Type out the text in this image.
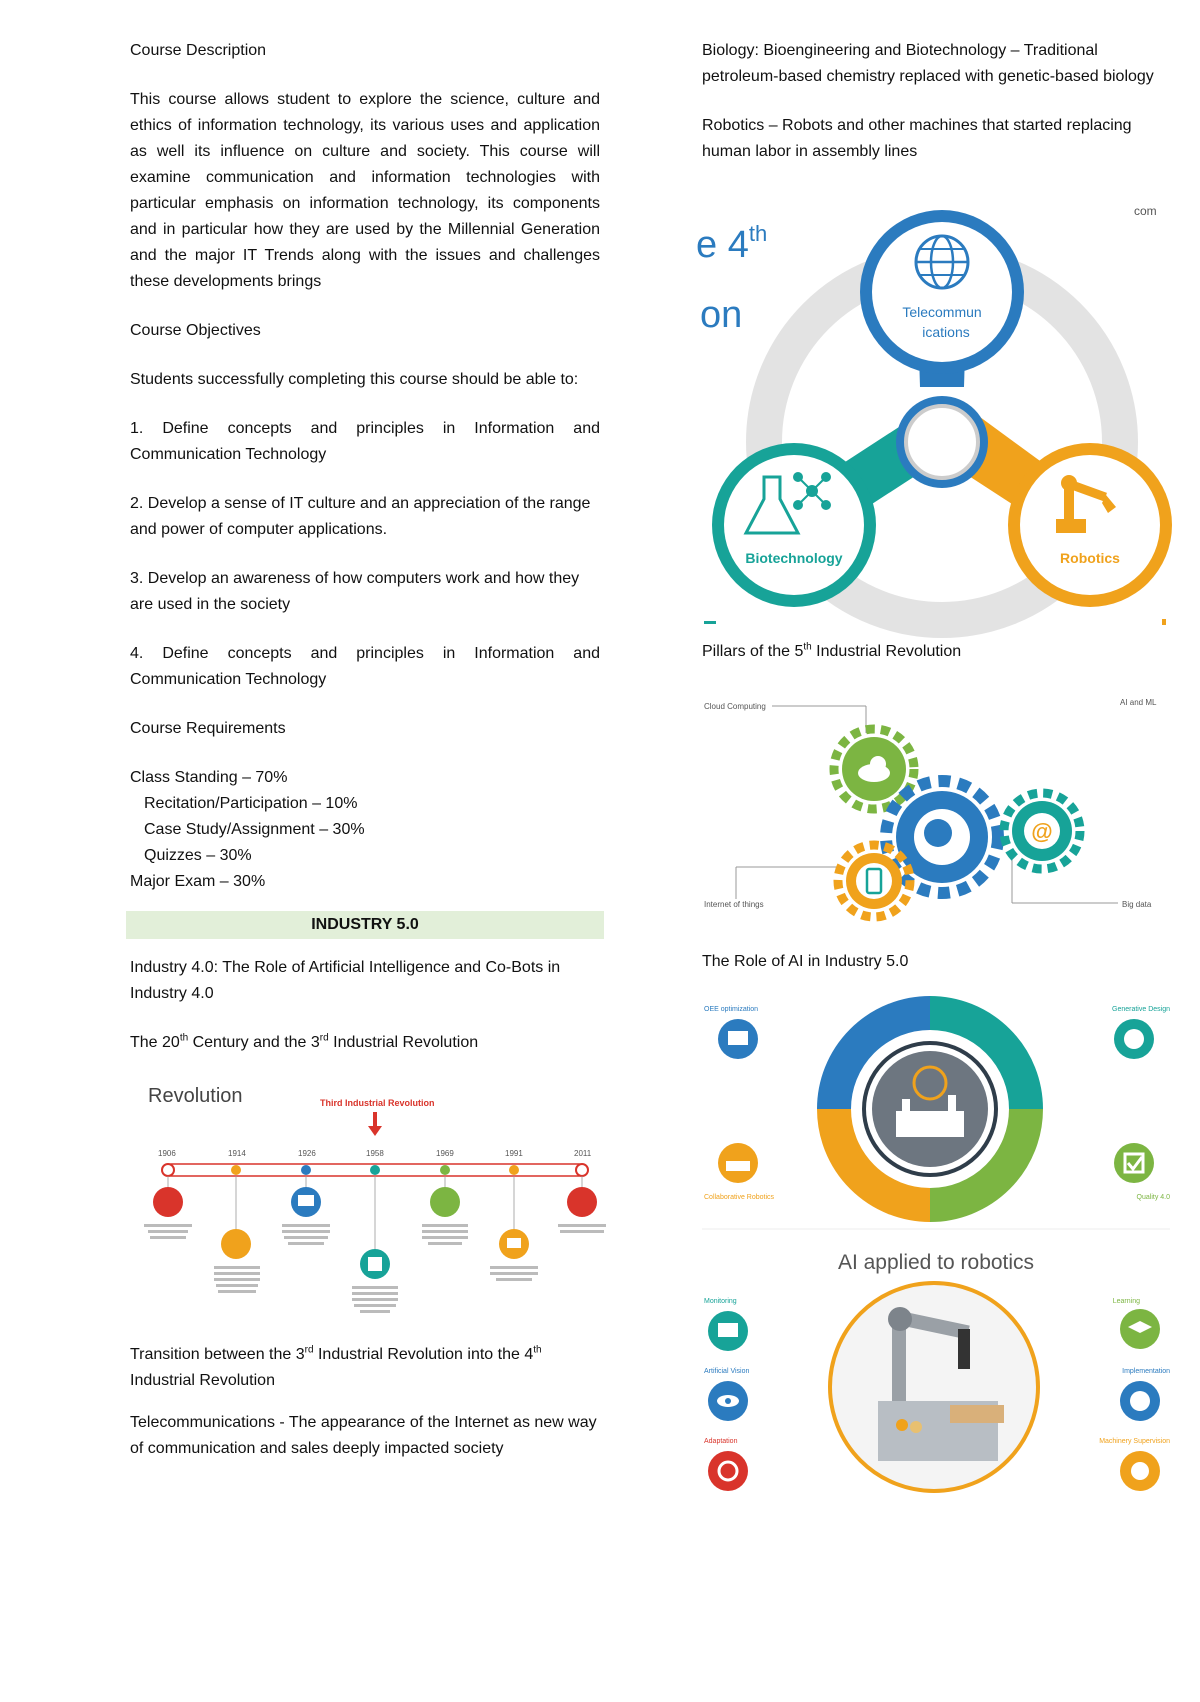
Course Description

This course allows student to explore the science, culture and ethics of information technology, its various uses and application as well its influence on culture and society. This course will examine communication and information technologies with particular emphasis on information technology, its components and in particular how they are used by the Millennial Generation and the major IT Trends along with the issues and challenges these developments brings

Course Objectives

Students successfully completing this course should be able to:

1. Define concepts and principles in Information and Communication Technology

2. Develop a sense of IT culture and an appreciation of the range and power of computer applications.

3. Develop an awareness of how computers work and how they are used in the society

4. Define concepts and principles in Information and Communication Technology

Course Requirements

Class Standing – 70%

Recitation/Participation – 10%

Case Study/Assignment – 30%

Quizzes – 30%

Major Exam – 30%

INDUSTRY 5.0

Industry 4.0: The Role of Artificial Intelligence and Co-Bots in Industry 4.0

The 20th Century and the 3rd Industrial Revolution

Revolution	Third Industrial Revolution
1906	1914	1926	1958	1969	1991	2011

Transition between the 3rd Industrial Revolution into the 4th Industrial Revolution

Telecommunications - The appearance of the Internet as new way of communication and sales deeply impacted society

Biology: Bioengineering and Biotechnology – Traditional petroleum-based chemistry replaced with genetic-based biology

Robotics – Robots and other machines that started replacing human labor in assembly lines

e 4th
on
com
Telecommun
ications
Biotechnology	Robotics

Pillars of the 5th Industrial Revolution

Cloud Computing	AI and ML
Internet of things	Big data
@

The Role of AI in Industry 5.0

OEE optimization	Generative Design
Collaborative Robotics	Quality 4.0
AI applied to robotics
Monitoring	Learning
Artificial Vision	Implementation
Adaptation	Machinery Supervision
